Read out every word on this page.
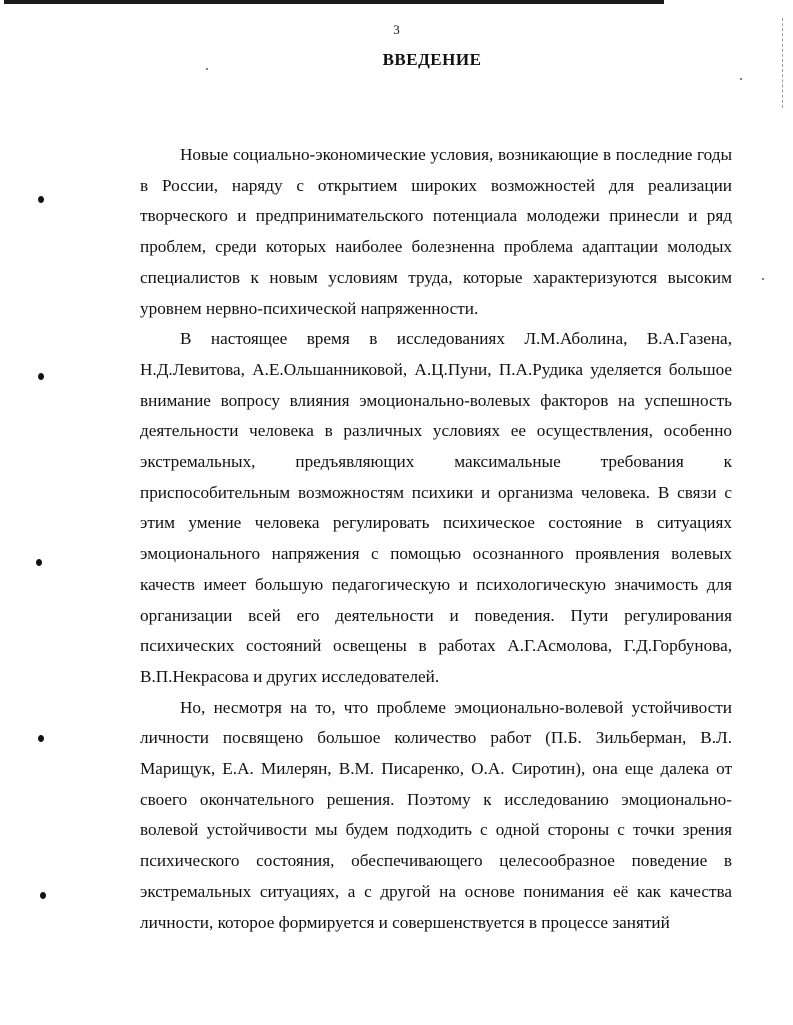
3
ВВЕДЕНИЕ

Новые социально-экономические условия, возникающие в последние годы в России, наряду с открытием широких возможностей для реализации творческого и предпринимательского потенциала молодежи принесли и ряд проблем, среди которых наиболее болезненна проблема адаптации молодых специалистов к новым условиям труда, которые характеризуются высоким уровнем нервно-психической напряженности.

В настоящее время в исследованиях Л.М.Аболина, В.А.Газена, Н.Д.Левитова, А.Е.Ольшанниковой, А.Ц.Пуни, П.А.Рудика уделяется большое внимание вопросу влияния эмоционально-волевых факторов на успешность деятельности человека в различных условиях ее осуществления, особенно экстремальных, предъявляющих максимальные требования к приспособительным возможностям психики и организма человека. В связи с этим умение человека регулировать психическое состояние в ситуациях эмоционального напряжения с помощью осознанного проявления волевых качеств имеет большую педагогическую и психологическую значимость для организации всей его деятельности и поведения. Пути регулирования психических состояний освещены в работах А.Г.Асмолова, Г.Д.Горбунова, В.П.Некрасова и других исследователей.

Но, несмотря на то, что проблеме эмоционально-волевой устойчивости личности посвящено большое количество работ (П.Б. Зильберман, В.Л. Марищук, Е.А. Милерян, В.М. Писаренко, О.А. Сиротин), она еще далека от своего окончательного решения. Поэтому к исследованию эмоционально-волевой устойчивости мы будем подходить с одной стороны с точки зрения психического состояния, обеспечивающего целесообразное поведение в экстремальных ситуациях, а с другой на основе понимания её как качества личности, которое формируется и совершенствуется в процессе занятий
